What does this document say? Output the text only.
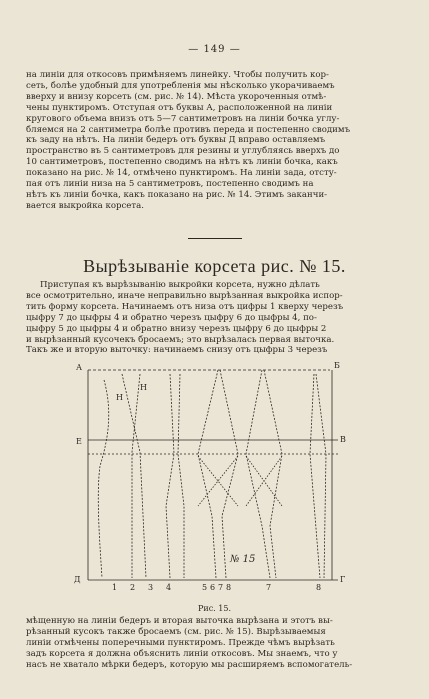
— 149 —
на линіи для откосовъ примѣняемъ линейку. Чтобы получить кор-
сеть, болѣе удобный для употребленія мы нѣсколько укорачиваемъ
вверху и внизу корсеть (см. рис. № 14). Мѣста укороченныя отмѣ-
чены пунктиромъ. Отступая отъ буквы А, расположенной на линіи
кругового объема внизъ отъ 5—7 сантиметровъ на линіи бочка углу-
бляемся на 2 сантиметра болѣе противъ переда и постепенно сводимъ
къ заду на нѣтъ. На линіи бедеръ отъ буквы Д вправо оставляемъ
пространство въ 5 сантиметровъ для резины и углубляясь вверхъ до
10 сантиметровъ, постепенно сводимъ на нѣтъ къ линіи бочка, какъ
показано на рис. № 14, отмѣчено пунктиромъ. На линіи зада, отсту-
пая отъ линіи низа на 5 сантиметровъ, постепенно сводимъ на
нѣтъ къ линіи бочка, какъ показано на рис. № 14. Этимъ заканчи-
вается выкройка корсета.
Вырѣзываніе корсета рис. № 15.
Приступая къ вырѣзыванію выкройки корсета, нужно дѣлать
все осмотрительно, иначе неправильно вырѣзанная выкройка испор-
тить форму корсета. Начинаемъ отъ низа отъ цифры 1 кверху черезъ
цыфру 7 до цыфры 4 и обратно черезъ цыфру 6 до цыфры 4, по-
цыфру 5 до цыфры 4 и обратно внизу черезъ цыфру 6 до цыфры 2
и вырѣзанный кусочекъ бросаемъ; это вырѣзалась первая выточка.
Такъ же и вторую выточку: начинаемъ снизу отъ цыфры 3 черезъ
А	Б
В
Г
Д
Е
Н
Н
1 2 3 4	5 6 7 8	7	8
№ 15
Рис. 15.
мѣщенную на линіи бедеръ и вторая выточка вырѣзана и этотъ вы-
рѣзанный кусокъ также бросаемъ (см. рис. № 15). Вырѣзываемыя
линіи отмѣчены поперечными пунктиромъ. Прежде чѣмъ вырѣзать
задъ корсета я должна объяснить линіи откосовъ. Мы знаемъ, что у
насъ не хватало мѣрки бедеръ, которую мы расширяемъ вспомогатель-
